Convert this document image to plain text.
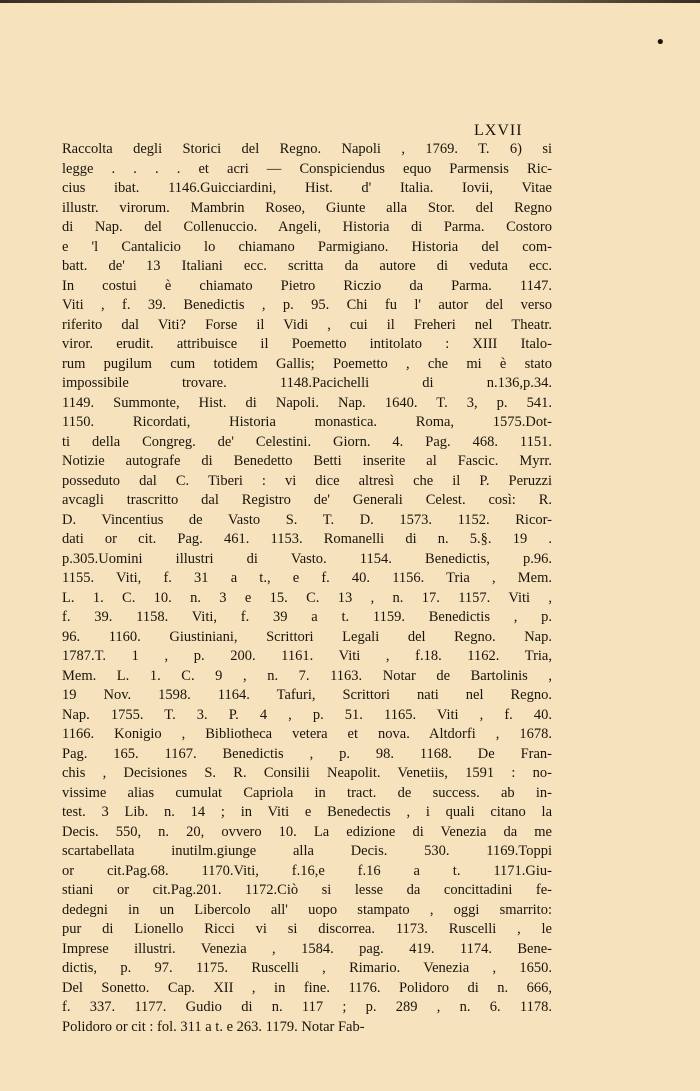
•
LXVII
Raccolta degli Storici del Regno. Napoli , 1769. T. 6) si
legge . . . . et acri — Conspiciendus equo Parmensis Ric-
cius ibat. 1146.Guicciardini, Hist. d' Italia. Iovii, Vitae
illustr. virorum. Mambrin Roseo, Giunte alla Stor. del Regno
di Nap. del Collenuccio. Angeli, Historia di Parma. Costoro
e 'l Cantalicio lo chiamano Parmigiano. Historia del com-
batt. de' 13 Italiani ecc. scritta da autore di veduta ecc.
In costui è chiamato Pietro Riczio da Parma. 1147.
Viti , f. 39. Benedictis , p. 95. Chi fu l' autor del verso
riferito dal Viti? Forse il Vidi , cui il Freheri nel Theatr.
viror. erudit. attribuisce il Poemetto intitolato : XIII Italo-
rum pugilum cum totidem Gallis; Poemetto , che mi è stato
impossibile trovare. 1148.Pacichelli di n.136,p.34.
1149. Summonte, Hist. di Napoli. Nap. 1640. T. 3, p. 541.
1150. Ricordati, Historia monastica. Roma, 1575.Dot-
ti della Congreg. de' Celestini. Giorn. 4. Pag. 468. 1151.
Notizie autografe di Benedetto Betti inserite al Fascic. Myrr.
posseduto dal C. Tiberi : vi dice altresì che il P. Peruzzi
avcagli trascritto dal Registro de' Generali Celest. così: R.
D. Vincentius de Vasto S. T. D. 1573. 1152. Ricor-
dati or cit. Pag. 461. 1153. Romanelli di n. 5.§. 19 .
p.305.Uomini illustri di Vasto. 1154. Benedictis, p.96.
1155. Viti, f. 31 a t., e f. 40. 1156. Tria , Mem.
L. 1. C. 10. n. 3 e 15. C. 13 , n. 17. 1157. Viti ,
f. 39. 1158. Viti, f. 39 a t. 1159. Benedictis , p.
96. 1160. Giustiniani, Scrittori Legali del Regno. Nap.
1787.T. 1 , p. 200. 1161. Viti , f.18. 1162. Tria,
Mem. L. 1. C. 9 , n. 7. 1163. Notar de Bartolinis ,
19 Nov. 1598. 1164. Tafuri, Scrittori nati nel Regno.
Nap. 1755. T. 3. P. 4 , p. 51. 1165. Viti , f. 40.
1166. Konigio , Bibliotheca vetera et nova. Altdorfi , 1678.
Pag. 165. 1167. Benedictis , p. 98. 1168. De Fran-
chis , Decisiones S. R. Consilii Neapolit. Venetiis, 1591 : no-
vissime alias cumulat Capriola in tract. de success. ab in-
test. 3 Lib. n. 14 ; in Viti e Benedectis , i quali citano la
Decis. 550, n. 20, ovvero 10. La edizione di Venezia da me
scartabellata inutilm.giunge alla Decis. 530. 1169.Toppi
or cit.Pag.68. 1170.Viti, f.16,e f.16 a t. 1171.Giu-
stiani or cit.Pag.201. 1172.Ciò si lesse da concittadini fe-
dedegni in un Libercolo all' uopo stampato , oggi smarrito:
pur di Lionello Ricci vi si discorrea. 1173. Ruscelli , le
Imprese illustri. Venezia , 1584. pag. 419. 1174. Bene-
dictis, p. 97. 1175. Ruscelli , Rimario. Venezia , 1650.
Del Sonetto. Cap. XII , in fine. 1176. Polidoro di n. 666,
f. 337. 1177. Gudio di n. 117 ; p. 289 , n. 6. 1178.
Polidoro or cit : fol. 311 a t. e 263. 1179. Notar Fab-
